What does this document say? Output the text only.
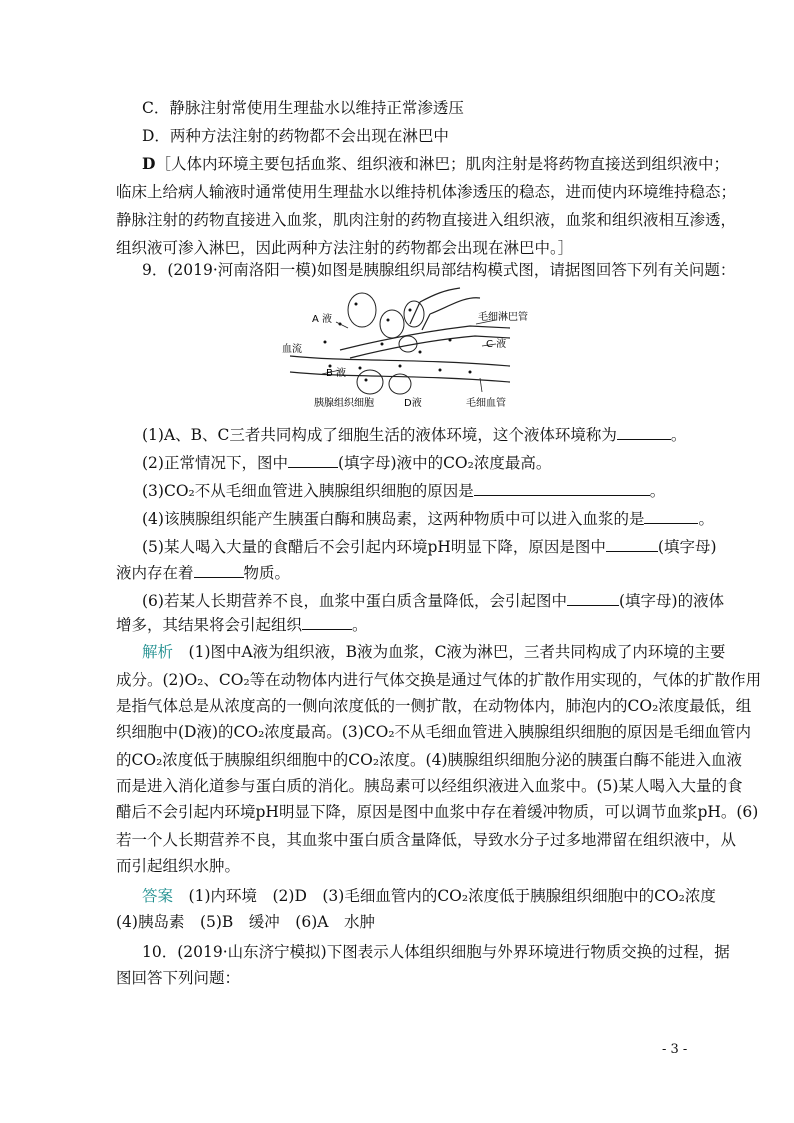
C．静脉注射常使用生理盐水以维持正常渗透压
D．两种方法注射的药物都不会出现在淋巴中
D［人体内环境主要包括血浆、组织液和淋巴；肌肉注射是将药物直接送到组织液中；
临床上给病人输液时通常使用生理盐水以维持机体渗透压的稳态，进而使内环境维持稳态；
静脉注射的药物直接进入血浆，肌肉注射的药物直接进入组织液，血浆和组织液相互渗透，
组织液可渗入淋巴，因此两种方法注射的药物都会出现在淋巴中。］
9．(2019·河南洛阳一模)如图是胰腺组织局部结构模式图，请据图回答下列有关问题：
A 液
血流
B 液
毛细淋巴管
C 液
胰腺组织细胞	D液	毛细血管
(1)A、B、C三者共同构成了细胞生活的液体环境，这个液体环境称为	。
(2)正常情况下，图中	(填字母)液中的CO₂浓度最高。
(3)CO₂不从毛细血管进入胰腺组织细胞的原因是	。
(4)该胰腺组织能产生胰蛋白酶和胰岛素，这两种物质中可以进入血浆的是	。
(5)某人喝入大量的食醋后不会引起内环境pH明显下降，原因是图中	(填字母)
液内存在着	物质。
(6)若某人长期营养不良，血浆中蛋白质含量降低，会引起图中	(填字母)的液体
增多，其结果将会引起组织	。
解析　 (1)图中A液为组织液，B液为血浆，C液为淋巴，三者共同构成了内环境的主要
成分。(2)O₂、CO₂等在动物体内进行气体交换是通过气体的扩散作用实现的，气体的扩散作用
是指气体总是从浓度高的一侧向浓度低的一侧扩散，在动物体内，肺泡内的CO₂浓度最低，组
织细胞中(D液)的CO₂浓度最高。(3)CO₂不从毛细血管进入胰腺组织细胞的原因是毛细血管内
的CO₂浓度低于胰腺组织细胞中的CO₂浓度。(4)胰腺组织细胞分泌的胰蛋白酶不能进入血液
而是进入消化道参与蛋白质的消化。胰岛素可以经组织液进入血浆中。(5)某人喝入大量的食
醋后不会引起内环境pH明显下降，原因是图中血浆中存在着缓冲物质，可以调节血浆pH。(6)
若一个人长期营养不良，其血浆中蛋白质含量降低，导致水分子过多地滞留在组织液中，从
而引起组织水肿。
答案　 (1)内环境　(2)D　(3)毛细血管内的CO₂浓度低于胰腺组织细胞中的CO₂浓度
(4)胰岛素　(5)B　缓冲　(6)A　水肿
10．(2019·山东济宁模拟)下图表示人体组织细胞与外界环境进行物质交换的过程，据
图回答下列问题：
- 3 -
